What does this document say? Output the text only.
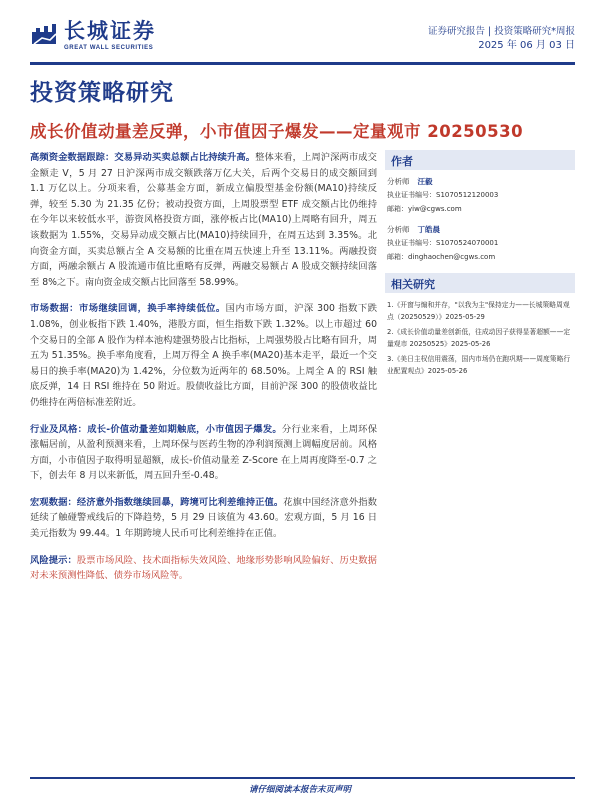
长城证券
GREAT WALL SECURITIES
证券研究报告 | 投资策略研究*周报
2025 年 06 月 03 日
投资策略研究
成长价值动量差反弹，小市值因子爆发——定量观市 20250530

高频资金数据跟踪：交易异动买卖总额占比持续升高。整体来看，上周沪深两市成交金额走 V，5 月 27 日沪深两市成交额跌落万亿大关，后两个交易日的成交额回到 1.1 万亿以上。分项来看，公募基金方面，新成立偏股型基金份额(MA10)持续反弹，较至 5.30 为 21.35 亿份；被动投资方面，上周股票型 ETF 成交额占比仍维持在今年以来较低水平，游资风格投资方面，涨停板占比(MA10)上周略有回升，周五该数据为 1.55%，交易异动成交额占比(MA10)持续回升，在周五达到 3.35%。北向资金方面，买卖总额占全 A 交易额的比重在周五快速上升至 13.11%。两融投资方面，两融余额占 A 股流通市值比重略有反弹，两融交易额占 A 股成交额持续回落至 8%之下。南向资金成交额占比回落至 58.99%。

市场数据：市场继续回调，换手率持续低位。国内市场方面，沪深 300 指数下跌 1.08%，创业板指下跌 1.40%，港股方面，恒生指数下跌 1.32%。以上市超过 60 个交易日的全部 A 股作为样本池构建强势股占比指标，上周强势股占比略有回升，周五为 51.35%。换手率角度看，上周万得全 A 换手率(MA20)基本走平，最近一个交易日的换手率(MA20)为 1.42%，分位数为近两年的 68.50%。上周全 A 的 RSI 触底反弹，14 日 RSI 维持在 50 附近。股债收益比方面，目前沪深 300 的股债收益比仍维持在两倍标准差附近。

行业及风格：成长-价值动量差如期触底，小市值因子爆发。分行业来看，上周环保涨幅居前，从盈利预测来看，上周环保与医药生物的净利润预测上调幅度居前。风格方面，小市值因子取得明显超额，成长-价值动量差 Z-Score 在上周再度降至-0.7 之下，创去年 8 月以来新低，周五回升至-0.48。

宏观数据：经济意外指数继续回暴，跨境可比利差维持正值。花旗中国经济意外指数延续了触碰警戒线后的下降趋势，5 月 29 日该值为 43.60。宏观方面，5 月 16 日美元指数为 99.44。1 年期跨境人民币可比利差维持在正值。

风险提示：股票市场风险、技术面指标失效风险、地缘形势影响风险偏好、历史数据对未来预测性降低、债券市场风险等。

作者
分析师 汪毅
执业证书编号：S1070512120003
邮箱：yiw@cgws.com
分析师 丁皓晨
执业证书编号：S1070524070001
邮箱：dinghaochen@cgws.com
相关研究
1.《开窗与煽和并存，"以我为主"保持定力——长城策略周观点（20250529）》2025-05-29
2.《成长价值动量差创新低，往成动因子获得显著超额——定量观市 20250525》2025-05-26
3.《美日主权信用震荡，国内市场仍在跑巩期——周度策略行业配置观点》2025-05-26
请仔细阅读本报告末页声明
